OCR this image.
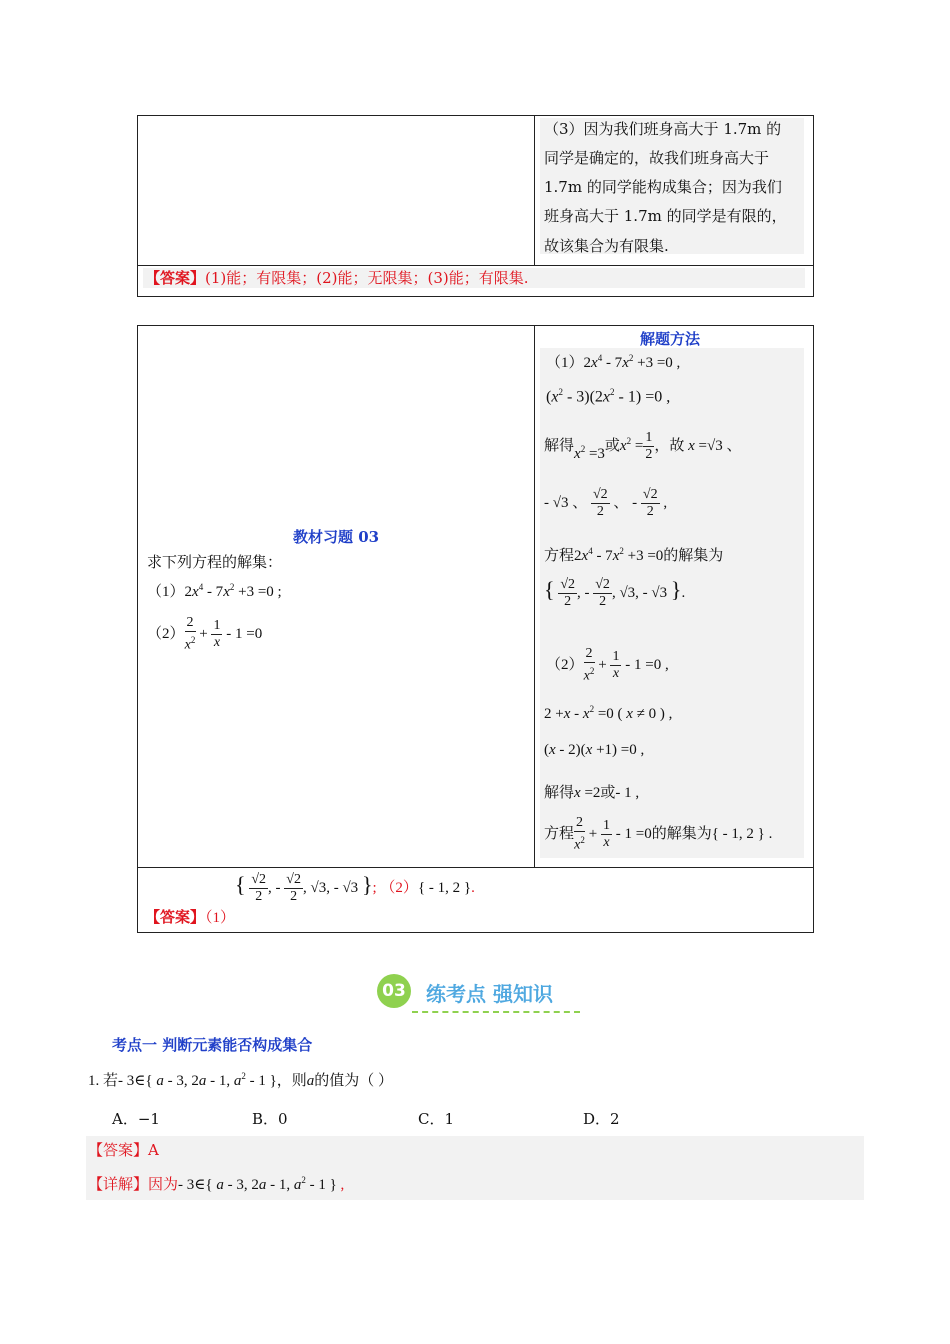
（3）因为我们班身高大于 1.7m 的
同学是确定的，故我们班身高大于
1.7m 的同学能构成集合；因为我们
班身高大于 1.7m 的同学是有限的，
故该集合为有限集.
【答案】(1)能；有限集；(2)能；无限集；(3)能；有限集.
教材习题 03
求下列方程的解集：
$(1)2x^4 - 7x^2 +3 =0$ ;
$(2) \frac{2}{x^2} + \frac{1}{x} - 1 =0$
解题方法
$(1)2x^4 - 7x^2 +3 =0$ ,
$(x^2 - 3)(2x^2 - 1) =0$ ,
解得$x^2 =3$或$x^2 = \frac{1}{2}$ ，故 x =√3 、
- √3 、 $\frac{√2}{2}$ 、 - $\frac{√2}{2}$ ,
方程$2x^4 - 7x^2 +3 =0$的解集为
{ $\frac{√2}{2}$ , - $\frac{√2}{2}$ , √3, - √3 }.
$(2) \frac{2}{x^2} + \frac{1}{x} - 1 =0$ ,
$2 +x - x^2 =0$ ( x ≠ 0 ) ,
(x - 2)(x +1) =0 ,
解得x =2或- 1 ,
方程 $\frac{2}{x^2} + \frac{1}{x} - 1 =0$的解集为{ - 1, 2 } .
【答案】$(1)\{ \frac{√2}{2}$ , - $\frac{√2}{2}$ , √3, - √3 }; （2）{ - 1, 2 }.
03 练考点 强知识
考点一 判断元素能否构成集合
1. 若- 3∈{ a - 3, 2a - 1, $a^2 - 1$ }，则a的值为（ ）
A．−1	B．0	C．1	D．2
【答案】A
【详解】因为- 3∈{ a - 3, 2a - 1, $a^2 - 1$ } ,
